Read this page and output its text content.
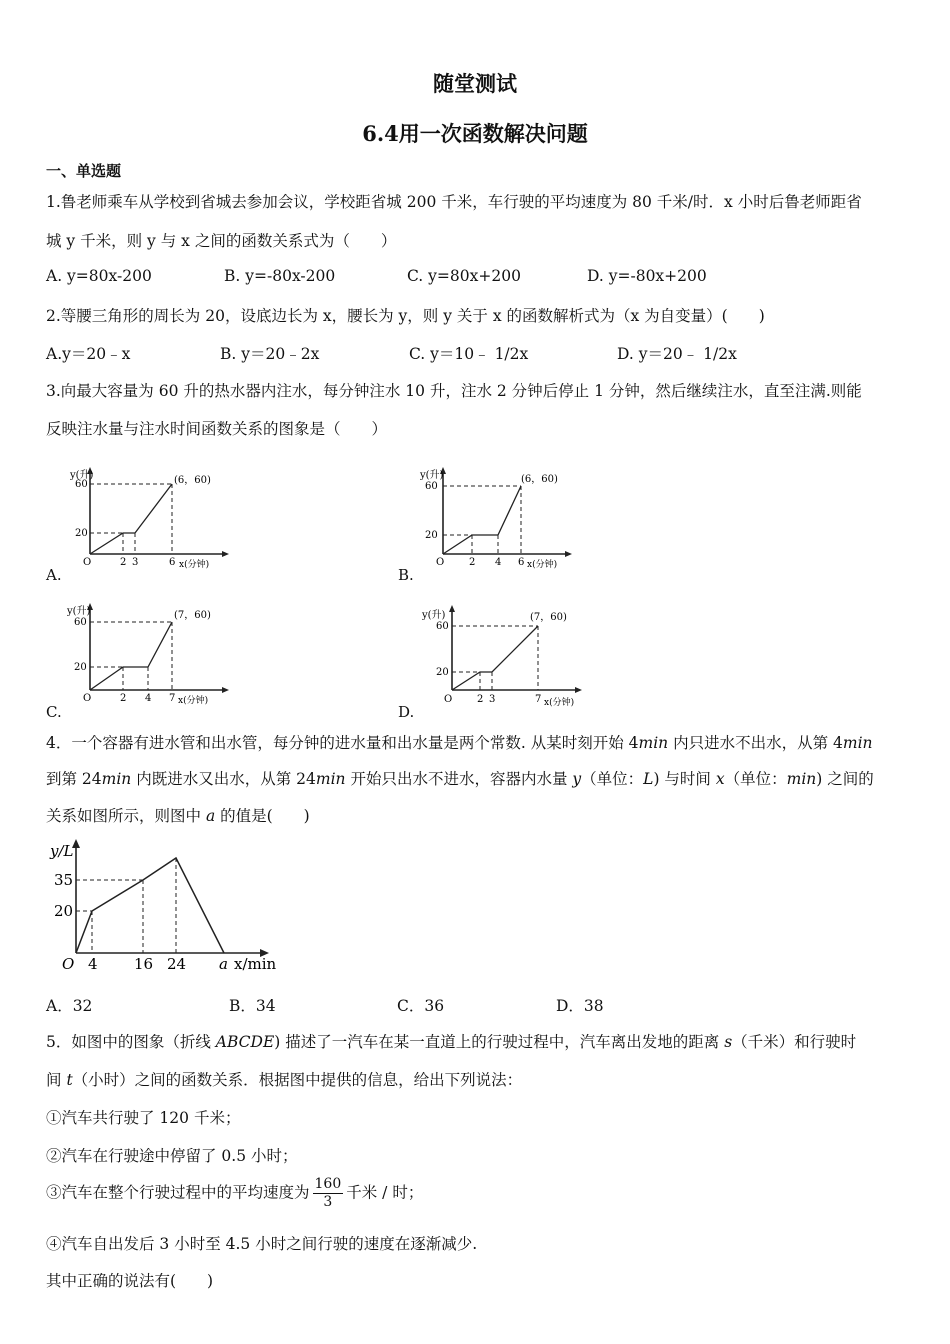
随堂测试
6.4用一次函数解决问题
一、单选题
1.鲁老师乘车从学校到省城去参加会议，学校距省城 200 千米，车行驶的平均速度为 80 千米/时．x 小时后鲁老师距省
城 y 千米，则 y 与 x 之间的函数关系式为（　　）
A. y=80x-200	B. y=-80x-200	C. y=80x+200	D. y=-80x+200
2.等腰三角形的周长为 20，设底边长为 x，腰长为 y，则 y 关于 x 的函数解析式为（x 为自变量）(　　)
A.y＝20﹣x	B. y＝20﹣2x	C. y＝10﹣ 1/2x	D. y＝20﹣ 1/2x
3.向最大容量为 60 升的热水器内注水，每分钟注水 10 升，注水 2 分钟后停止 1 分钟，然后继续注水，直至注满.则能
反映注水量与注水时间函数关系的图象是（　　）
y(升)
60
20
O	2 3	6 x(分钟)
(6，60)
A.
y(升)
60
20
O 2 4 6 x(分钟)
(6，60)
B.
y(升)
60
20
O	2 4 7 x(分钟)
(7，60)
C.
y(升)
60
20
O 2 3	7 x(分钟)
(7，60)
D.
4．一个容器有进水管和出水管，每分钟的进水量和出水量是两个常数. 从某时刻开始 4min 内只进水不出水，从第 4min
到第 24min 内既进水又出水，从第 24min 开始只出水不进水，容器内水量 y（单位：L) 与时间 x（单位：min) 之间的
关系如图所示，则图中 a 的值是(　　)
y/L
35
20
O 4 16 24 a x/min
A．32	B．34	C．36	D．38
5．如图中的图象（折线 ABCDE) 描述了一汽车在某一直道上的行驶过程中，汽车离出发地的距离 s（千米）和行驶时
间 t（小时）之间的函数关系．根据图中提供的信息，给出下列说法：
①汽车共行驶了 120 千米；
②汽车在行驶途中停留了 0.5 小时；
③汽车在整个行驶过程中的平均速度为 $\frac{160}{3}$ 千米 / 时；
④汽车自出发后 3 小时至 4.5 小时之间行驶的速度在逐渐减少.
其中正确的说法有(　　)
